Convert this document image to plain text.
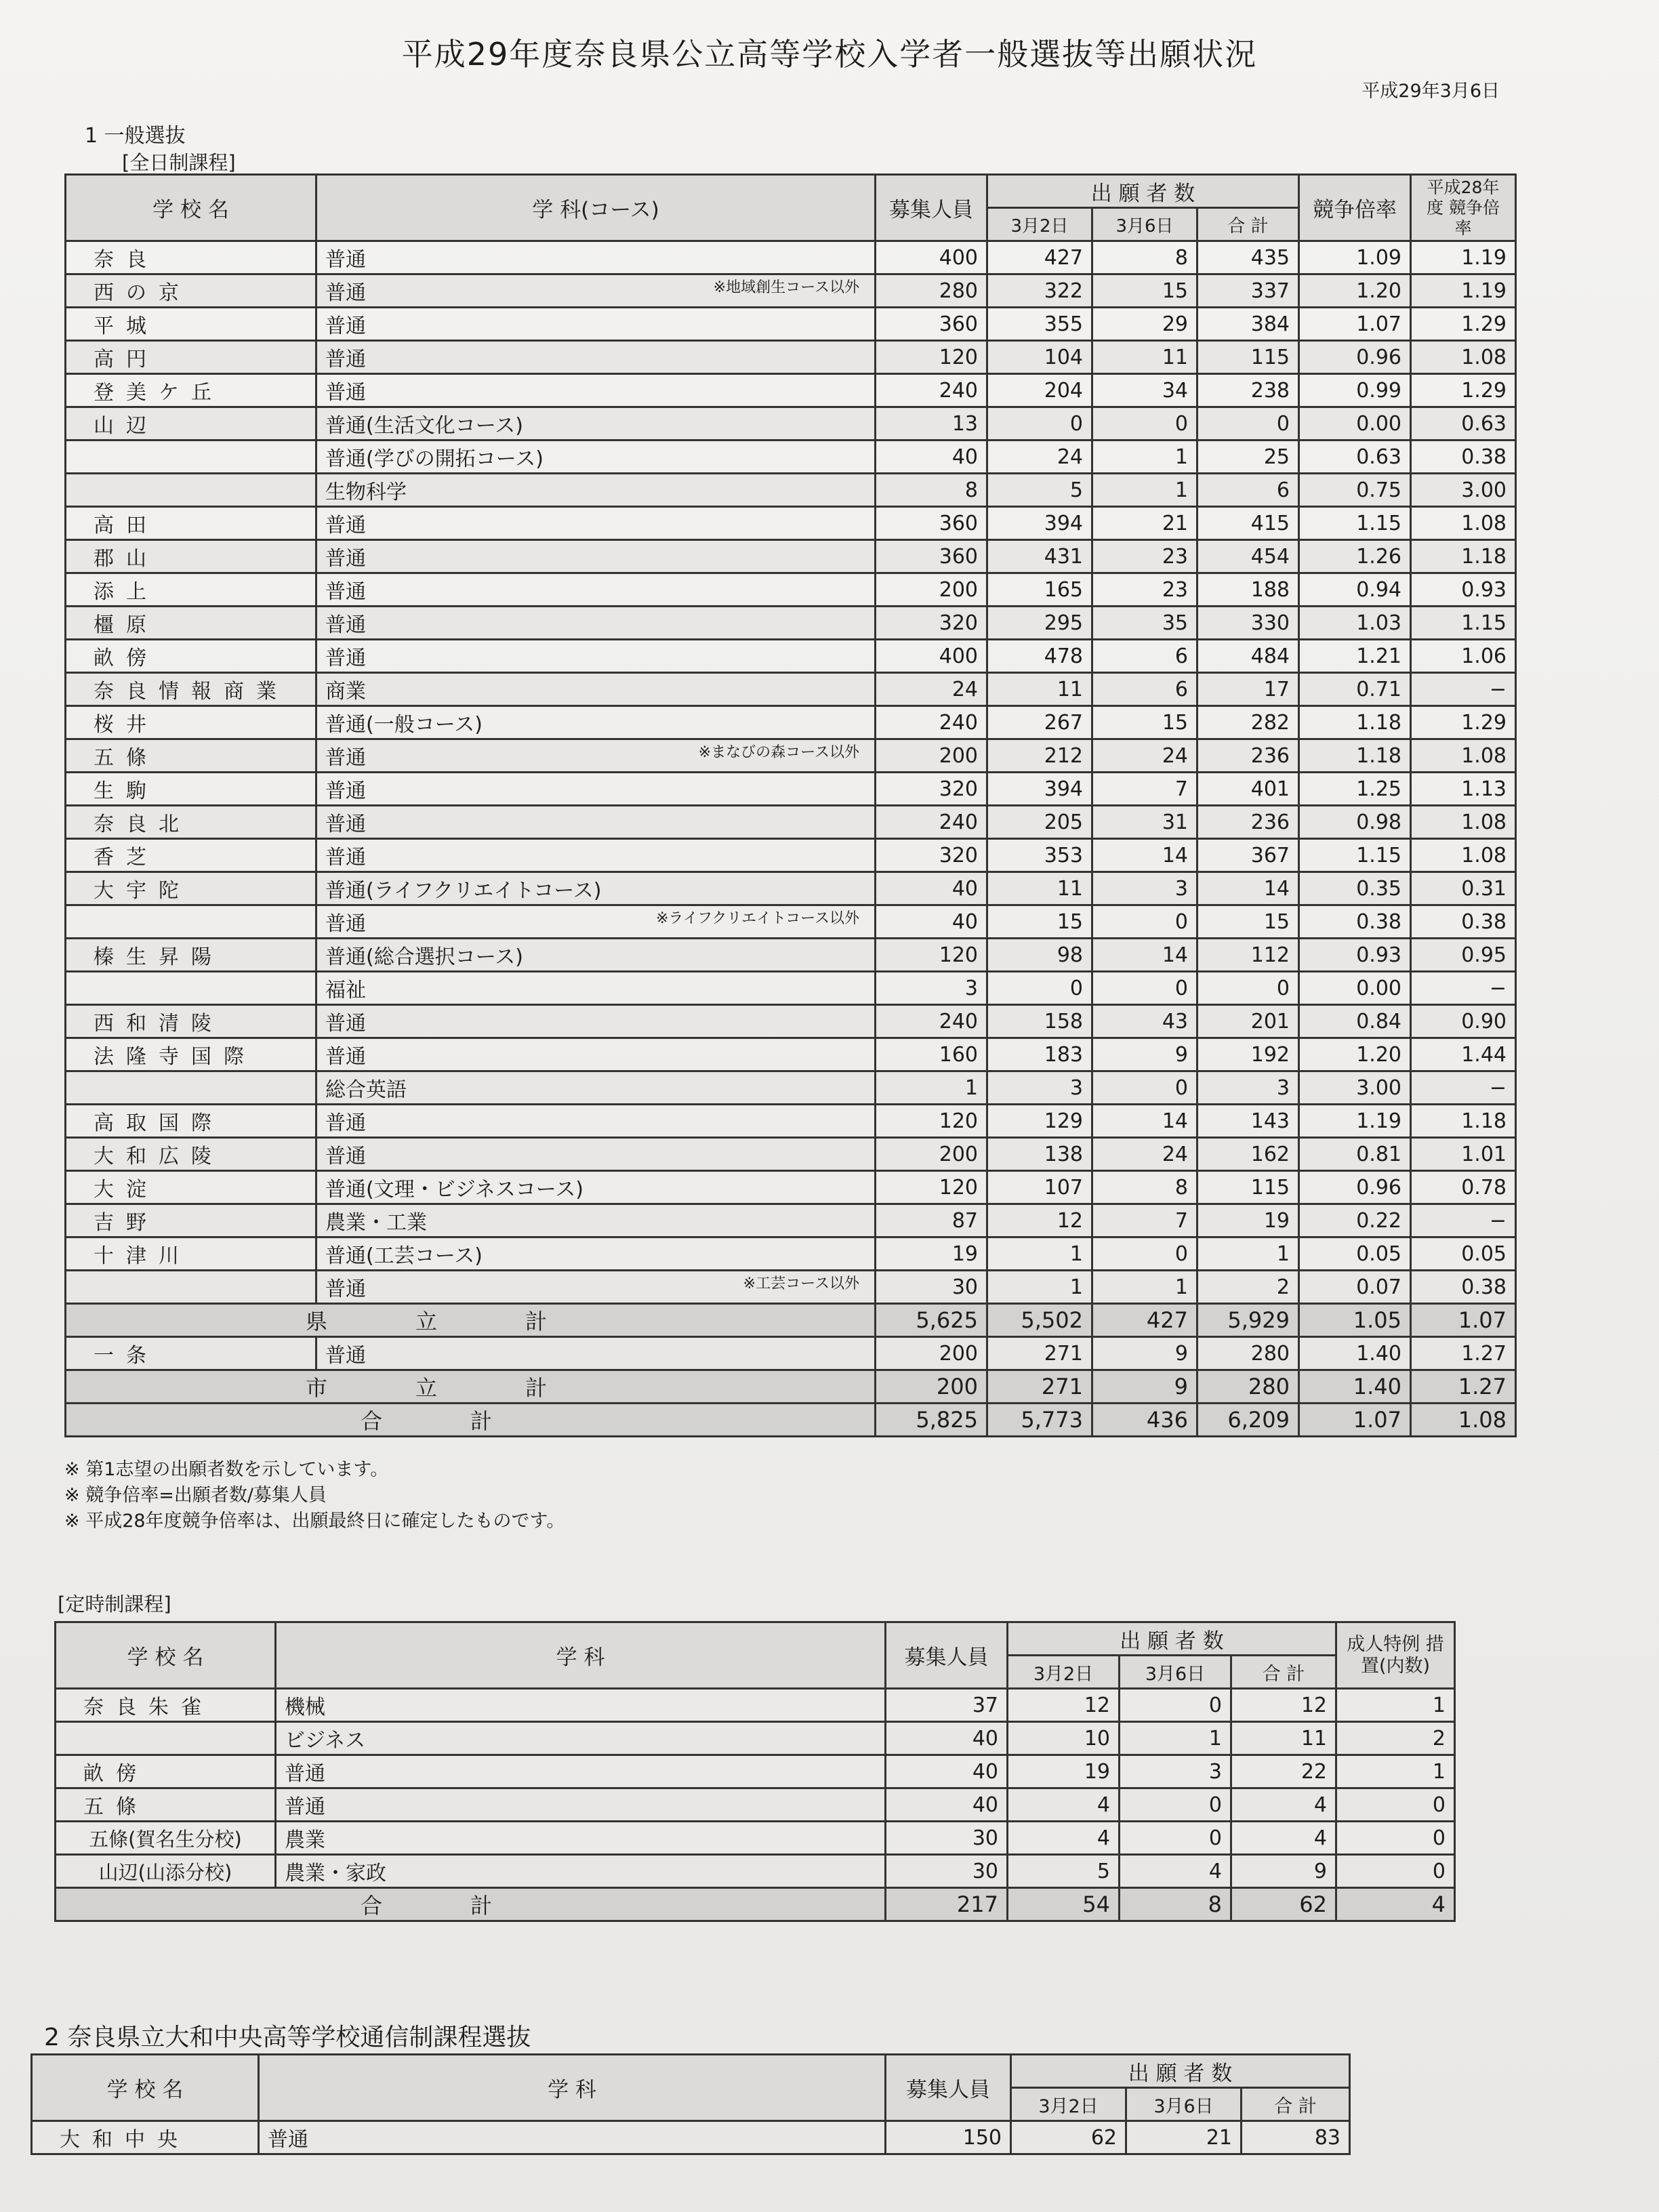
平成29年度奈良県公立高等学校入学者一般選抜等出願状況
平成29年3月6日
1 一般選抜
[全日制課程]
学 校 名	学 科(コース)	募集人員	出 願 者 数			競争倍率	平成28年度 競争倍率
			3月2日	3月6日	合 計		
奈良	普通	400	427	8	435	1.09	1.19
西の京	普通 ※地域創生コース以外	280	322	15	337	1.20	1.19
平城	普通	360	355	29	384	1.07	1.29
高円	普通	120	104	11	115	0.96	1.08
登美ケ丘	普通	240	204	34	238	0.99	1.29
山辺	普通(生活文化コース)	13	0	0	0	0.00	0.63
	普通(学びの開拓コース)	40	24	1	25	0.63	0.38
	生物科学	8	5	1	6	0.75	3.00
高田	普通	360	394	21	415	1.15	1.08
郡山	普通	360	431	23	454	1.26	1.18
添上	普通	200	165	23	188	0.94	0.93
橿原	普通	320	295	35	330	1.03	1.15
畝傍	普通	400	478	6	484	1.21	1.06
奈良情報商業	商業	24	11	6	17	0.71	−
桜井	普通(一般コース)	240	267	15	282	1.18	1.29
五條	普通 ※まなびの森コース以外	200	212	24	236	1.18	1.08
生駒	普通	320	394	7	401	1.25	1.13
奈良北	普通	240	205	31	236	0.98	1.08
香芝	普通	320	353	14	367	1.15	1.08
大宇陀	普通(ライフクリエイトコース)	40	11	3	14	0.35	0.31
	普通 ※ライフクリエイトコース以外	40	15	0	15	0.38	0.38
榛生昇陽	普通(総合選択コース)	120	98	14	112	0.93	0.95
	福祉	3	0	0	0	0.00	−
西和清陵	普通	240	158	43	201	0.84	0.90
法隆寺国際	普通	160	183	9	192	1.20	1.44
	総合英語	1	3	0	3	3.00	−
高取国際	普通	120	129	14	143	1.19	1.18
大和広陵	普通	200	138	24	162	0.81	1.01
大淀	普通(文理・ビジネスコース)	120	107	8	115	0.96	0.78
吉野	農業・工業	87	12	7	19	0.22	−
十津川	普通(工芸コース)	19	1	0	1	0.05	0.05
	普通 ※工芸コース以外	30	1	1	2	0.07	0.38
県立計		5,625	5,502	427	5,929	1.05	1.07
一条	普通	200	271	9	280	1.40	1.27
市立計		200	271	9	280	1.40	1.27
合計		5,825	5,773	436	6,209	1.07	1.08
※ 第1志望の出願者数を示しています。
※ 競争倍率=出願者数/募集人員
※ 平成28年度競争倍率は、出願最終日に確定したものです。
[定時制課程]
学 校 名	学 科	募集人員	出 願 者 数			成人特例 措置(内数)
			3月2日	3月6日	合 計	
奈良朱雀	機械	37	12	0	12	1
	ビジネス	40	10	1	11	2
畝傍	普通	40	19	3	22	1
五條	普通	40	4	0	4	0
五條(賀名生分校)	農業	30	4	0	4	0
山辺(山添分校)	農業・家政	30	5	4	9	0
合計		217	54	8	62	4
2 奈良県立大和中央高等学校通信制課程選抜
学 校 名	学 科	募集人員	出 願 者 数		
			3月2日	3月6日	合 計
大和中央	普通	150	62	21	83
